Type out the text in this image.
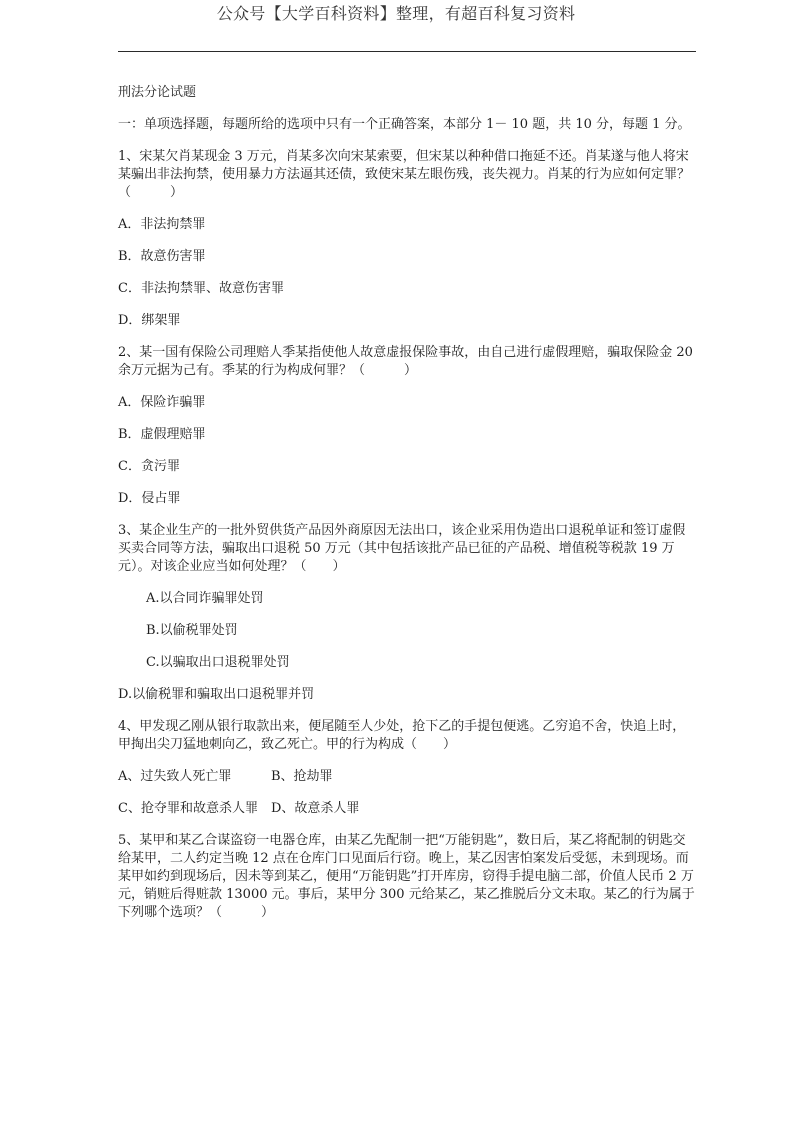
公众号【大学百科资料】整理，有超百科复习资料

刑法分论试题

一：单项选择题，每题所给的选项中只有一个正确答案，本部分 1－ 10 题，共 10 分，每题 1 分。

1、宋某欠肖某现金 3 万元，肖某多次向宋某索要，但宋某以种种借口拖延不还。肖某遂与他人将宋某骗出非法拘禁，使用暴力方法逼其还债，致使宋某左眼伤残，丧失视力。肖某的行为应如何定罪？（　　　）

A．非法拘禁罪

B．故意伤害罪

C．非法拘禁罪、故意伤害罪

D．绑架罪

2、某一国有保险公司理赔人季某指使他人故意虚报保险事故，由自己进行虚假理赔，骗取保险金 20 余万元据为己有。季某的行为构成何罪？（　　　）

A．保险诈骗罪

B．虚假理赔罪

C．贪污罪

D．侵占罪

3、某企业生产的一批外贸供货产品因外商原因无法出口，该企业采用伪造出口退税单证和签订虚假买卖合同等方法，骗取出口退税 50 万元（其中包括该批产品已征的产品税、增值税等税款 19 万元）。对该企业应当如何处理？（　　）

A.以合同诈骗罪处罚

B.以偷税罪处罚

C.以骗取出口退税罪处罚

D.以偷税罪和骗取出口退税罪并罚

4、甲发现乙刚从银行取款出来，便尾随至人少处，抢下乙的手提包便逃。乙穷追不舍，快追上时，甲掏出尖刀猛地刺向乙，致乙死亡。甲的行为构成（　　）

A、过失致人死亡罪	B、抢劫罪
C、抢夺罪和故意杀人罪	D、故意杀人罪

5、某甲和某乙合谋盗窃一电器仓库，由某乙先配制一把“万能钥匙”，数日后，某乙将配制的钥匙交给某甲，二人约定当晚 12 点在仓库门口见面后行窃。晚上，某乙因害怕案发后受惩，未到现场。而某甲如约到现场后，因未等到某乙，便用“万能钥匙”打开库房，窃得手提电脑二部，价值人民币 2 万元，销赃后得赃款 13000 元。事后，某甲分 300 元给某乙，某乙推脱后分文未取。某乙的行为属于下列哪个选项？（　　　）
